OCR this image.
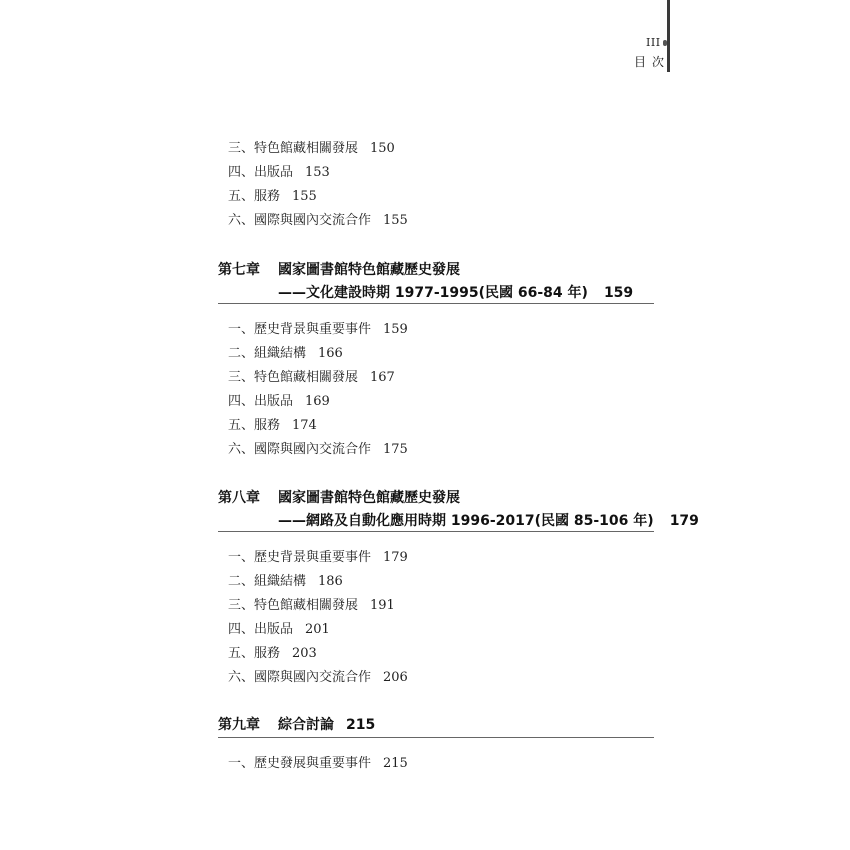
III
目次
三、特色館藏相關發展 150
四、出版品 153
五、服務 155
六、國際與國內交流合作 155
第七章 國家圖書館特色館藏歷史發展
——文化建設時期 1977-1995(民國 66-84 年) 159
一、歷史背景與重要事件 159
二、組織結構 166
三、特色館藏相關發展 167
四、出版品 169
五、服務 174
六、國際與國內交流合作 175
第八章 國家圖書館特色館藏歷史發展
——網路及自動化應用時期 1996-2017(民國 85-106 年) 179
一、歷史背景與重要事件 179
二、組織結構 186
三、特色館藏相關發展 191
四、出版品 201
五、服務 203
六、國際與國內交流合作 206
第九章 綜合討論 215
一、歷史發展與重要事件 215
